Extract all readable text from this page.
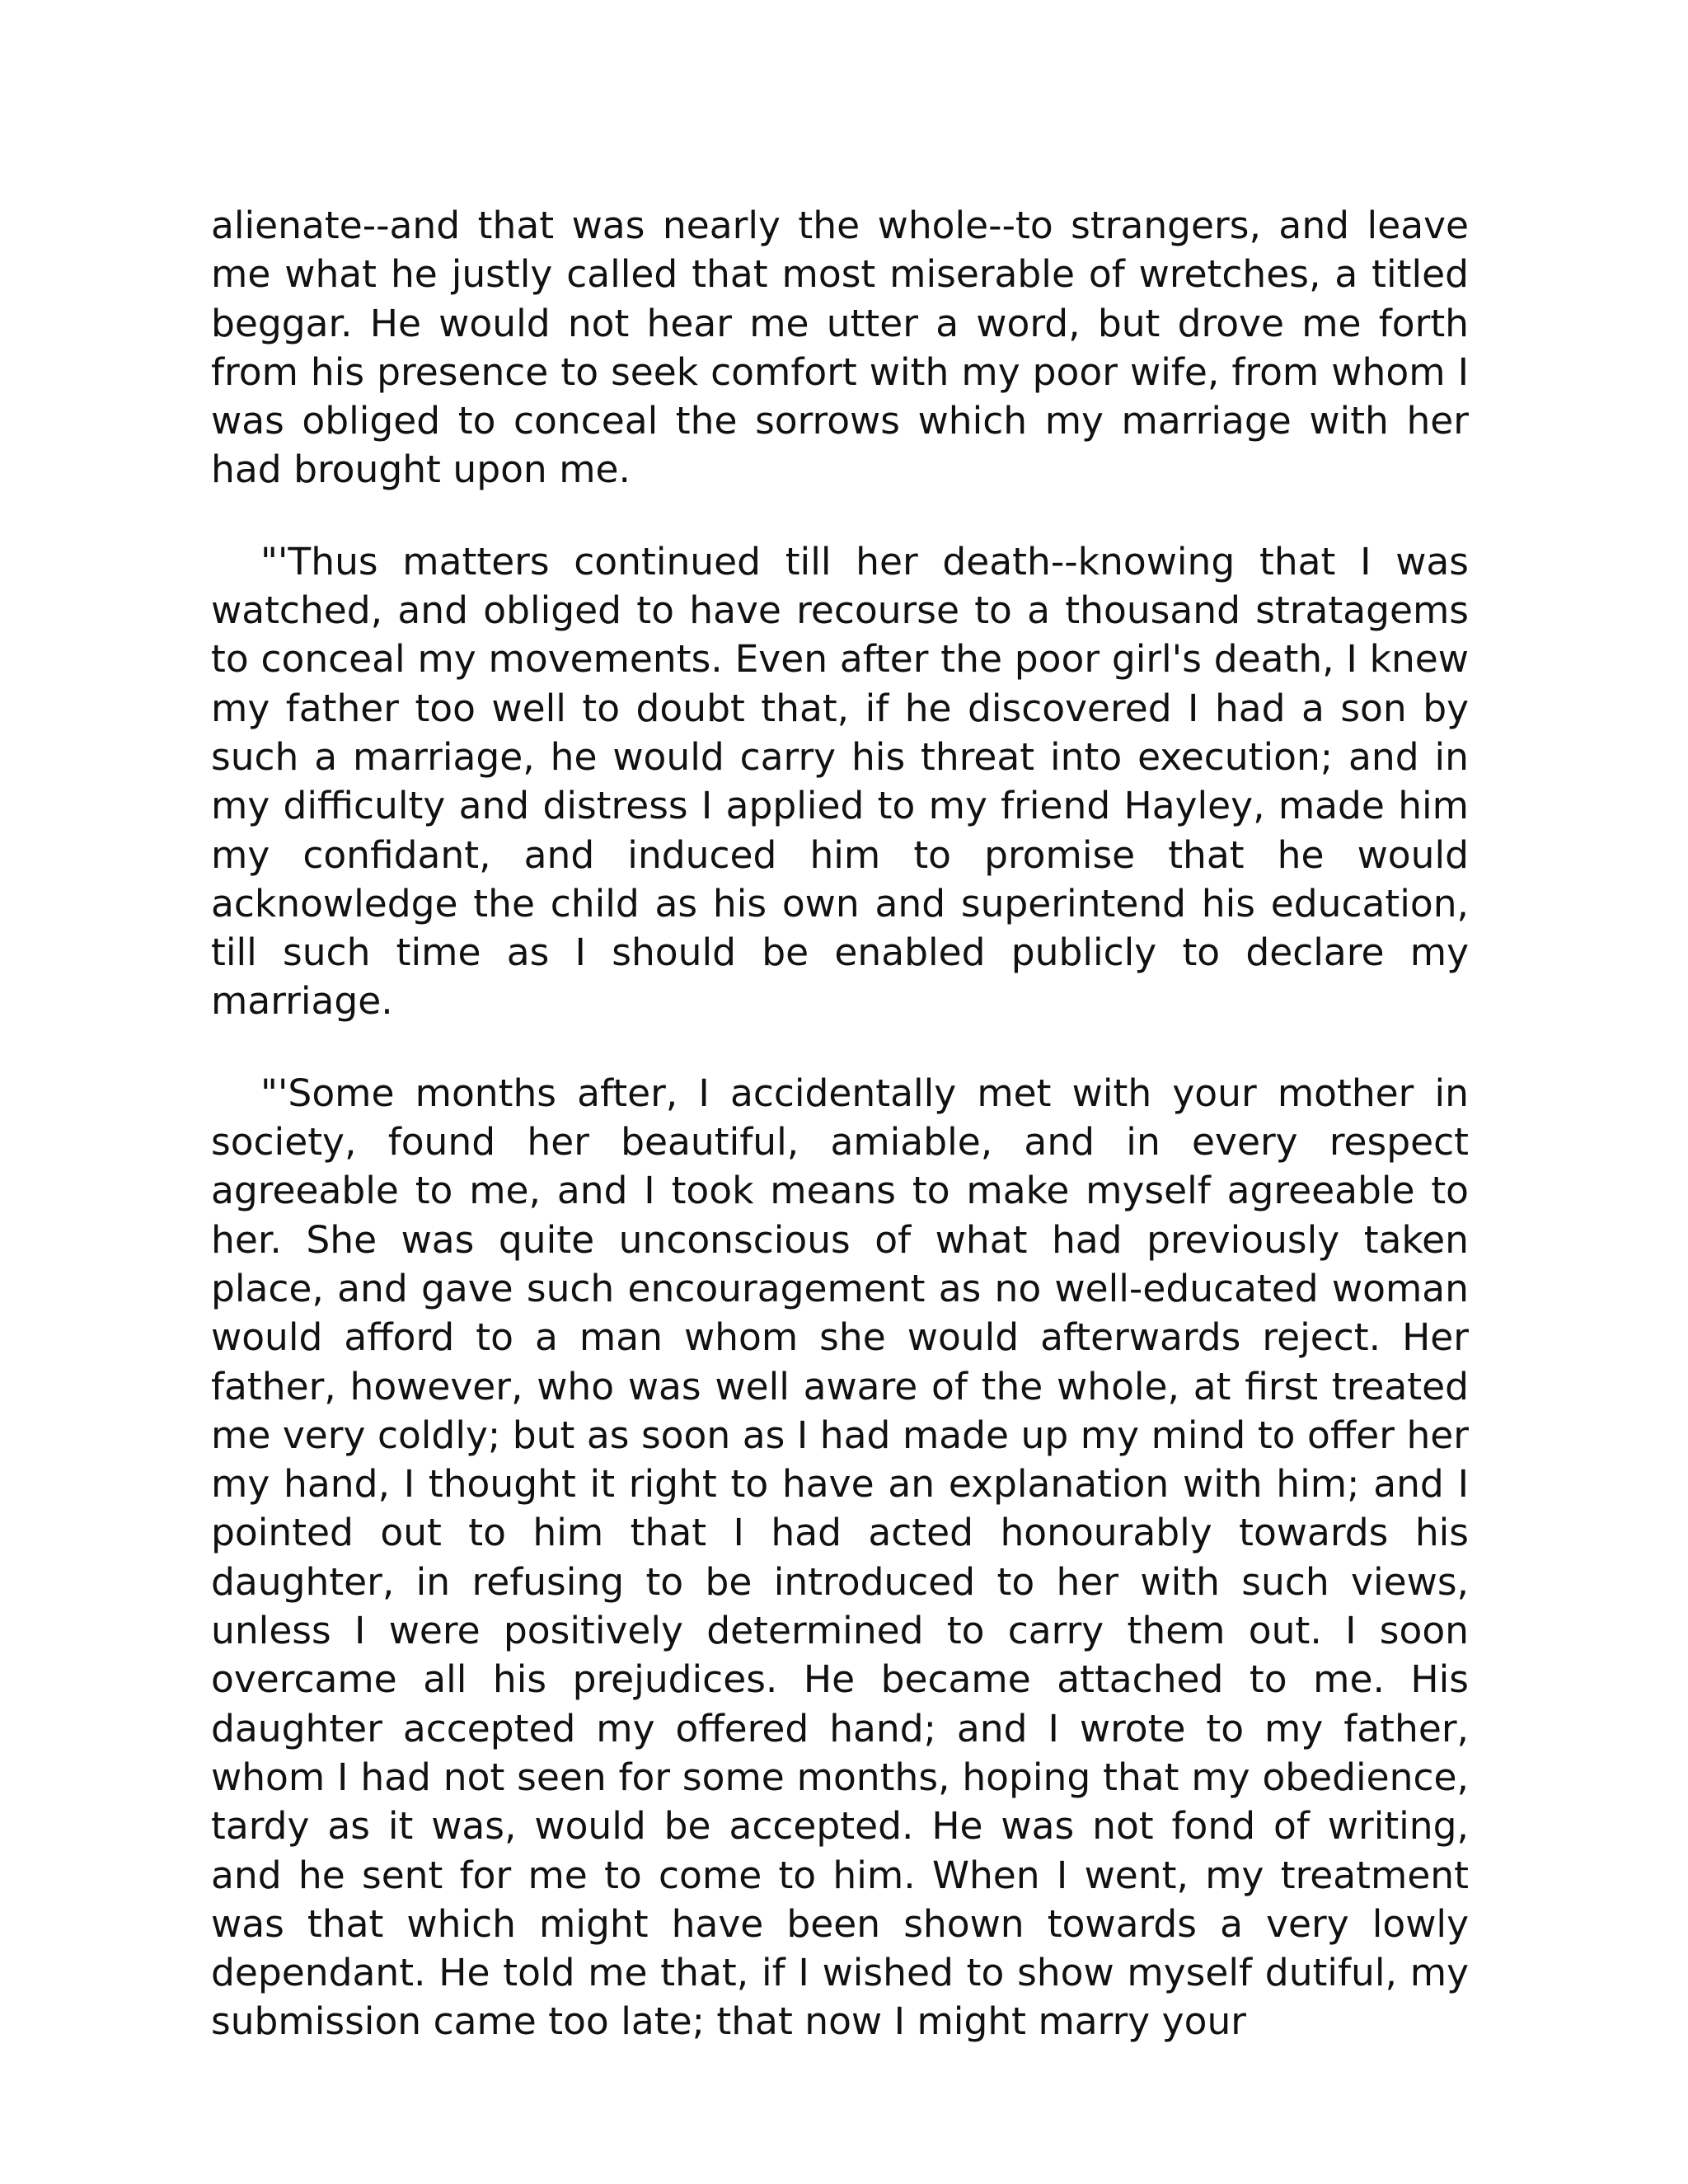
alienate--and that was nearly the whole--to strangers, and leave me what he justly called that most miserable of wretches, a titled beggar. He would not hear me utter a word, but drove me forth from his presence to seek comfort with my poor wife, from whom I was obliged to conceal the sorrows which my marriage with her had brought upon me.

"'Thus matters continued till her death--knowing that I was watched, and obliged to have recourse to a thousand stratagems to conceal my movements. Even after the poor girl's death, I knew my father too well to doubt that, if he discovered I had a son by such a marriage, he would carry his threat into execution; and in my difficulty and distress I applied to my friend Hayley, made him my confidant, and induced him to promise that he would acknowledge the child as his own and superintend his education, till such time as I should be enabled publicly to declare my marriage.

"'Some months after, I accidentally met with your mother in society, found her beautiful, amiable, and in every respect agreeable to me, and I took means to make myself agreeable to her. She was quite unconscious of what had previously taken place, and gave such encouragement as no well-educated woman would afford to a man whom she would afterwards reject. Her father, however, who was well aware of the whole, at first treated me very coldly; but as soon as I had made up my mind to offer her my hand, I thought it right to have an explanation with him; and I pointed out to him that I had acted honourably towards his daughter, in refusing to be introduced to her with such views, unless I were positively determined to carry them out. I soon overcame all his prejudices. He became attached to me. His daughter accepted my offered hand; and I wrote to my father, whom I had not seen for some months, hoping that my obedience, tardy as it was, would be accepted. He was not fond of writing, and he sent for me to come to him. When I went, my treatment was that which might have been shown towards a very lowly dependant. He told me that, if I wished to show myself dutiful, my submission came too late; that now I might marry your
